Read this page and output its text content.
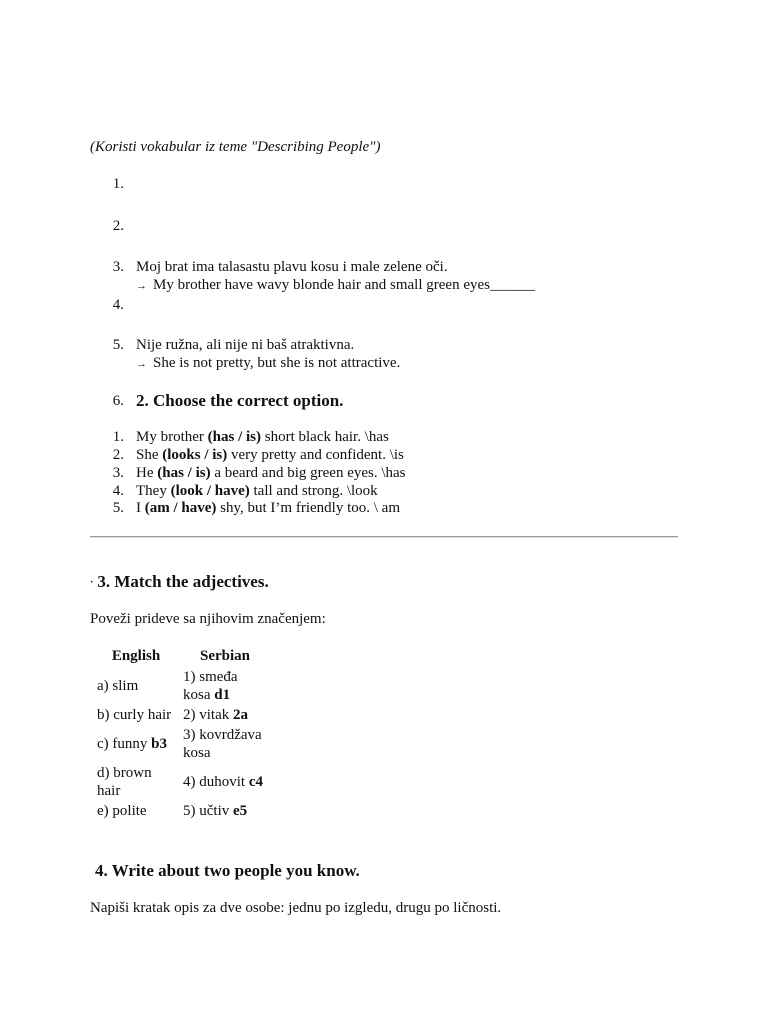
(Koristi vokabular iz teme "Describing People")
1.
2.
3. Moj brat ima talasastu plavu kosu i male zelene oči.
→ My brother have wavy blonde hair and small green eyes______
4.
5. Nije ružna, ali nije ni baš atraktivna.
→ She is not pretty, but she is not attractive.
6. 2. Choose the correct option.
1. My brother (has / is) short black hair. \has
2. She (looks / is) very pretty and confident. \is
3. He (has / is) a beard and big green eyes. \has
4. They (look / have) tall and strong. \look
5. I (am / have) shy, but I’m friendly too. \ am
· 3. Match the adjectives.
Poveži prideve sa njihovim značenjem:
English	Serbian
a) slim	1) smeđa kosa d1
b) curly hair	2) vitak 2a
c) funny b3	3) kovrdžava kosa
d) brown hair	4) duhovit c4
e) polite	5) učtiv e5
4. Write about two people you know.
Napiši kratak opis za dve osobe: jednu po izgledu, drugu po ličnosti.
